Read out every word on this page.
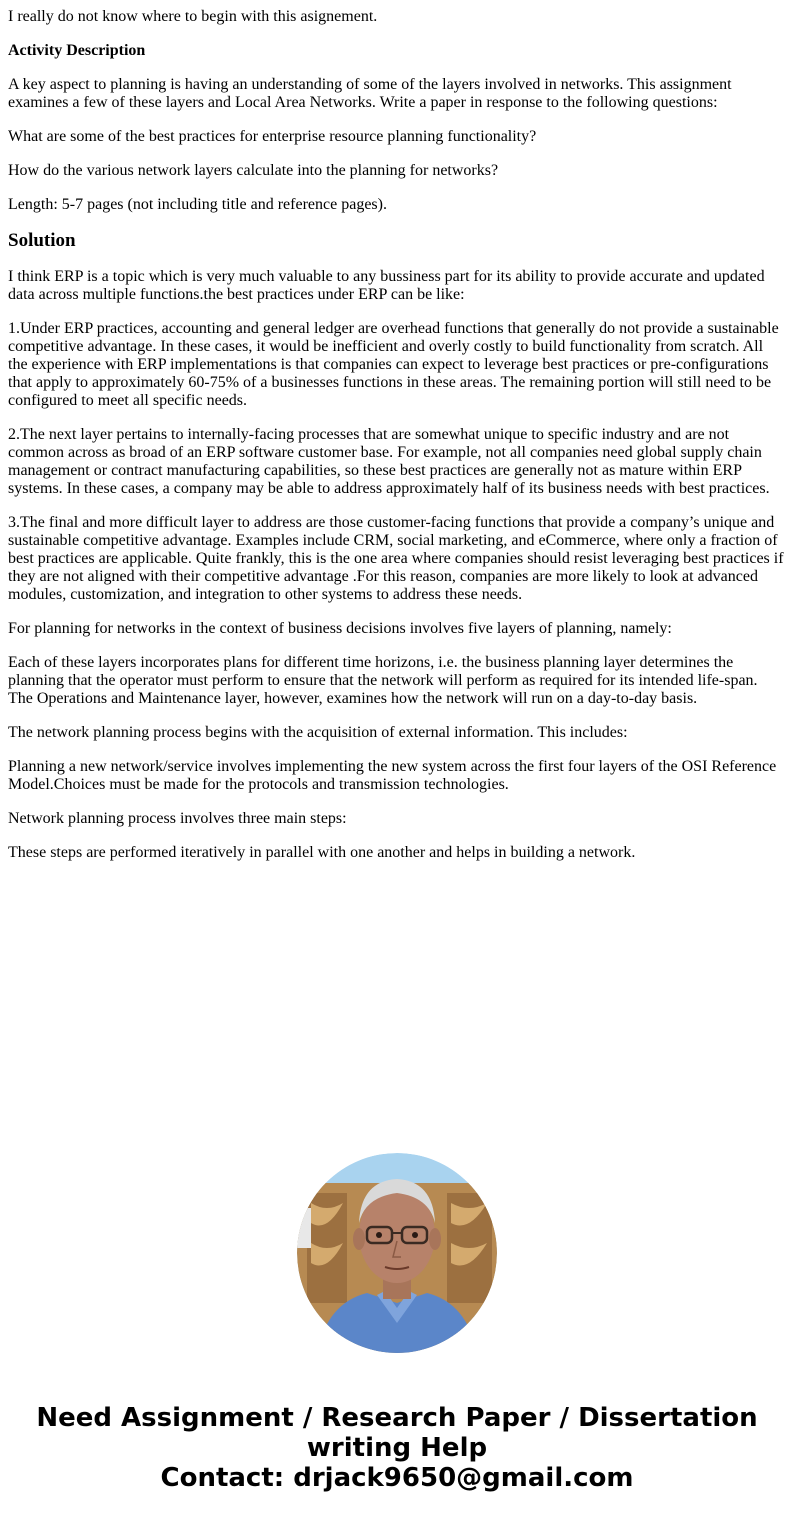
I really do not know where to begin with this asignement.

Activity Description

A key aspect to planning is having an understanding of some of the layers involved in networks. This assignment examines a few of these layers and Local Area Networks. Write a paper in response to the following questions:

What are some of the best practices for enterprise resource planning functionality?

How do the various network layers calculate into the planning for networks?

Length: 5-7 pages (not including title and reference pages).

Solution

I think ERP is a topic which is very much valuable to any bussiness part for its ability to provide accurate and updated data across multiple functions.the best practices under ERP can be like:

1.Under ERP practices, accounting and general ledger are overhead functions that generally do not provide a sustainable competitive advantage. In these cases, it would be inefficient and overly costly to build functionality from scratch. All the experience with ERP implementations is that companies can expect to leverage best practices or pre-configurations that apply to approximately 60-75% of a businesses functions in these areas. The remaining portion will still need to be configured to meet all specific needs.

2.The next layer pertains to internally-facing processes that are somewhat unique to specific industry and are not common across as broad of an ERP software customer base. For example, not all companies need global supply chain management or contract manufacturing capabilities, so these best practices are generally not as mature within ERP systems. In these cases, a company may be able to address approximately half of its business needs with best practices.

3.The final and more difficult layer to address are those customer-facing functions that provide a company’s unique and sustainable competitive advantage. Examples include CRM, social marketing, and eCommerce, where only a fraction of best practices are applicable. Quite frankly, this is the one area where companies should resist leveraging best practices if they are not aligned with their competitive advantage .For this reason, companies are more likely to look at advanced modules, customization, and integration to other systems to address these needs.

For planning for networks in the context of business decisions involves five layers of planning, namely:

Each of these layers incorporates plans for different time horizons, i.e. the business planning layer determines the planning that the operator must perform to ensure that the network will perform as required for its intended life-span. The Operations and Maintenance layer, however, examines how the network will run on a day-to-day basis.

The network planning process begins with the acquisition of external information. This includes:

Planning a new network/service involves implementing the new system across the first four layers of the OSI Reference Model.Choices must be made for the protocols and transmission technologies.

Network planning process involves three main steps:

These steps are performed iteratively in parallel with one another and helps in building a network.

Need Assignment / Research Paper / Dissertation
writing Help
Contact: drjack9650@gmail.com
